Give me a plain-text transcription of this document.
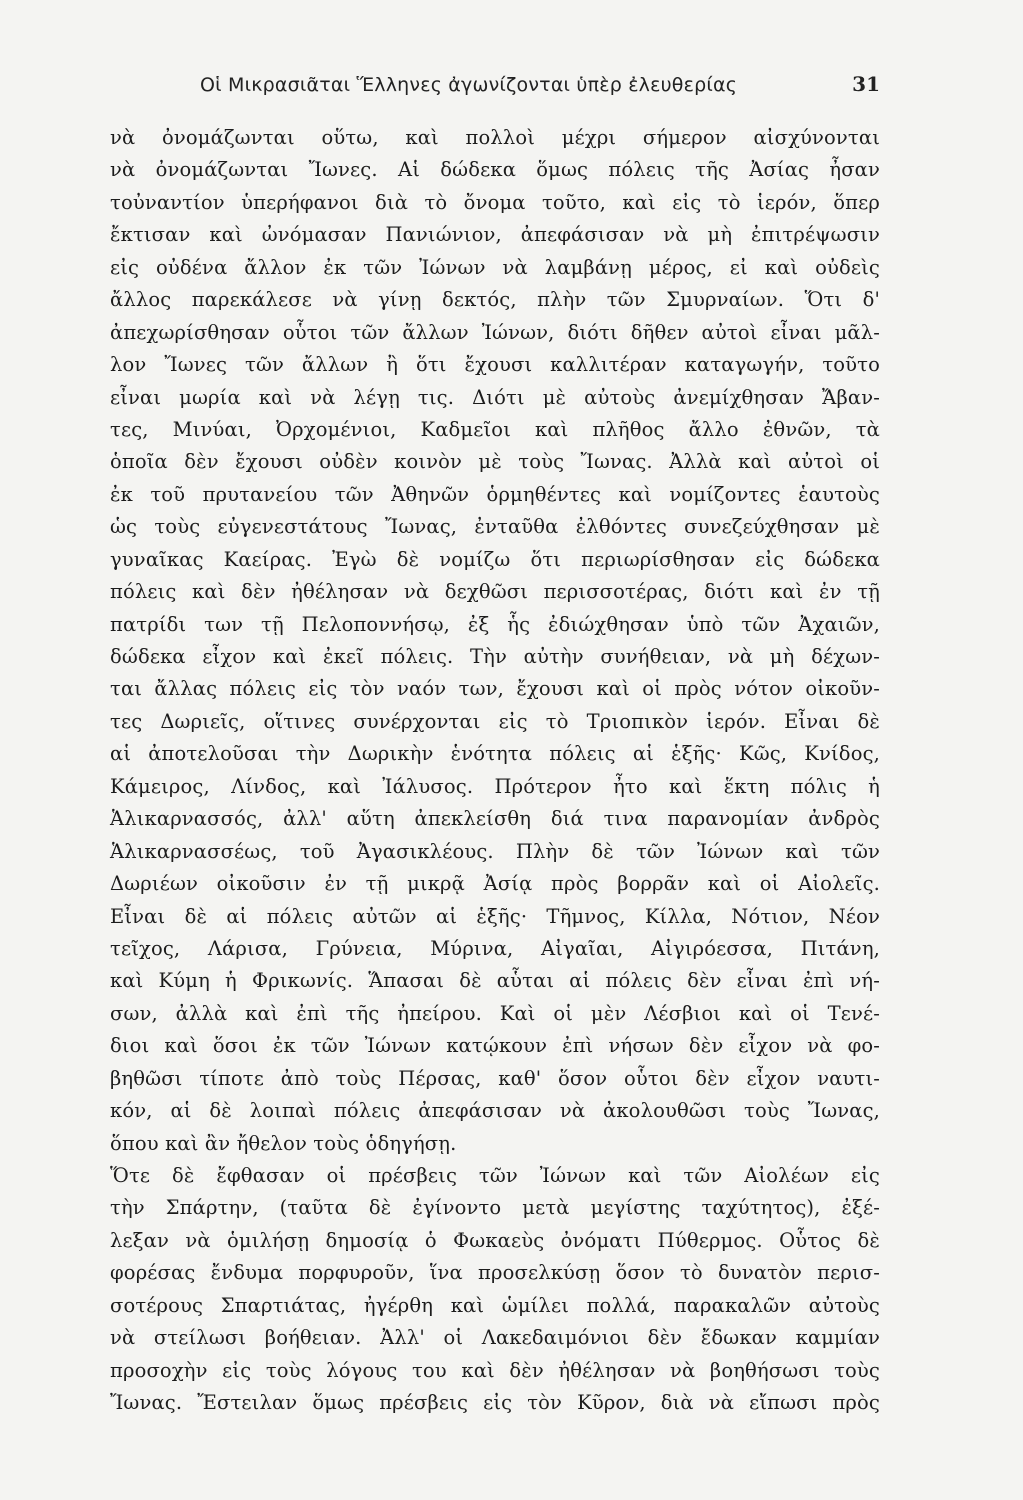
Οἱ Μικρασιᾶται Ἕλληνες ἀγωνίζονται ὑπὲρ ἐλευθερίας	31
νὰ ὀνομάζωνται οὕτω, καὶ πολλοὶ μέχρι σήμερον αἰσχύνονται
νὰ ὀνομάζωνται Ἴωνες. Αἱ δώδεκα ὅμως πόλεις τῆς Ἀσίας ἦσαν
τοὐναντίον ὑπερήφανοι διὰ τὸ ὄνομα τοῦτο, καὶ εἰς τὸ ἱερόν, ὅπερ
ἔκτισαν καὶ ὠνόμασαν Πανιώνιον, ἀπεφάσισαν νὰ μὴ ἐπιτρέψωσιν
εἰς οὐδένα ἄλλον ἐκ τῶν Ἰώνων νὰ λαμβάνῃ μέρος, εἰ καὶ οὐδεὶς
ἄλλος παρεκάλεσε νὰ γίνῃ δεκτός, πλὴν τῶν Σμυρναίων. Ὅτι δ'
ἀπεχωρίσθησαν οὗτοι τῶν ἄλλων Ἰώνων, διότι δῆθεν αὐτοὶ εἶναι μᾶλ-
λον Ἴωνες τῶν ἄλλων ἢ ὅτι ἔχουσι καλλιτέραν καταγωγήν, τοῦτο
εἶναι μωρία καὶ νὰ λέγῃ τις. Διότι μὲ αὐτοὺς ἀνεμίχθησαν Ἄβαν-
τες, Μινύαι, Ὀρχομένιοι, Καδμεῖοι καὶ πλῆθος ἄλλο ἐθνῶν, τὰ
ὁποῖα δὲν ἔχουσι οὐδὲν κοινὸν μὲ τοὺς Ἴωνας. Ἀλλὰ καὶ αὐτοὶ οἱ
ἐκ τοῦ πρυτανείου τῶν Ἀθηνῶν ὁρμηθέντες καὶ νομίζοντες ἑαυτοὺς
ὡς τοὺς εὐγενεστάτους Ἴωνας, ἐνταῦθα ἐλθόντες συνεζεύχθησαν μὲ
γυναῖκας Καείρας. Ἐγὼ δὲ νομίζω ὅτι περιωρίσθησαν εἰς δώδεκα
πόλεις καὶ δὲν ἠθέλησαν νὰ δεχθῶσι περισσοτέρας, διότι καὶ ἐν τῇ
πατρίδι των τῇ Πελοποννήσῳ, ἐξ ἧς ἐδιώχθησαν ὑπὸ τῶν Ἀχαιῶν,
δώδεκα εἶχον καὶ ἐκεῖ πόλεις. Τὴν αὐτὴν συνήθειαν, νὰ μὴ δέχων-
ται ἄλλας πόλεις εἰς τὸν ναόν των, ἔχουσι καὶ οἱ πρὸς νότον οἰκοῦν-
τες Δωριεῖς, οἵτινες συνέρχονται εἰς τὸ Τριοπικὸν ἱερόν. Εἶναι δὲ
αἱ ἀποτελοῦσαι τὴν Δωρικὴν ἑνότητα πόλεις αἱ ἑξῆς· Κῶς, Κνίδος,
Κάμειρος, Λίνδος, καὶ Ἰάλυσος. Πρότερον ἦτο καὶ ἕκτη πόλις ἡ
Ἁλικαρνασσός, ἀλλ' αὕτη ἀπεκλείσθη διά τινα παρανομίαν ἀνδρὸς
Ἁλικαρνασσέως, τοῦ Ἀγασικλέους. Πλὴν δὲ τῶν Ἰώνων καὶ τῶν
Δωριέων οἰκοῦσιν ἐν τῇ μικρᾷ Ἀσίᾳ πρὸς βορρᾶν καὶ οἱ Αἰολεῖς.
Εἶναι δὲ αἱ πόλεις αὐτῶν αἱ ἑξῆς· Τῆμνος, Κίλλα, Νότιον, Νέον
τεῖχος, Λάρισα, Γρύνεια, Μύρινα, Αἰγαῖαι, Αἰγιρόεσσα, Πιτάνη,
καὶ Κύμη ἡ Φρικωνίς. Ἅπασαι δὲ αὗται αἱ πόλεις δὲν εἶναι ἐπὶ νή-
σων, ἀλλὰ καὶ ἐπὶ τῆς ἠπείρου. Καὶ οἱ μὲν Λέσβιοι καὶ οἱ Τενέ-
διοι καὶ ὅσοι ἐκ τῶν Ἰώνων κατῴκουν ἐπὶ νήσων δὲν εἶχον νὰ φο-
βηθῶσι τίποτε ἀπὸ τοὺς Πέρσας, καθ' ὅσον οὗτοι δὲν εἶχον ναυτι-
κόν, αἱ δὲ λοιπαὶ πόλεις ἀπεφάσισαν νὰ ἀκολουθῶσι τοὺς Ἴωνας,
ὅπου καὶ ἂν ἤθελον τοὺς ὁδηγήσῃ.
Ὅτε δὲ ἔφθασαν οἱ πρέσβεις τῶν Ἰώνων καὶ τῶν Αἰολέων εἰς
τὴν Σπάρτην, (ταῦτα δὲ ἐγίνοντο μετὰ μεγίστης ταχύτητος), ἐξέ-
λεξαν νὰ ὁμιλήσῃ δημοσίᾳ ὁ Φωκαεὺς ὀνόματι Πύθερμος. Οὗτος δὲ
φορέσας ἔνδυμα πορφυροῦν, ἵνα προσελκύσῃ ὅσον τὸ δυνατὸν περισ-
σοτέρους Σπαρτιάτας, ἠγέρθη καὶ ὡμίλει πολλά, παρακαλῶν αὐτοὺς
νὰ στείλωσι βοήθειαν. Ἀλλ' οἱ Λακεδαιμόνιοι δὲν ἔδωκαν καμμίαν
προσοχὴν εἰς τοὺς λόγους του καὶ δὲν ἠθέλησαν νὰ βοηθήσωσι τοὺς
Ἴωνας. Ἔστειλαν ὅμως πρέσβεις εἰς τὸν Κῦρον, διὰ νὰ εἴπωσι πρὸς
